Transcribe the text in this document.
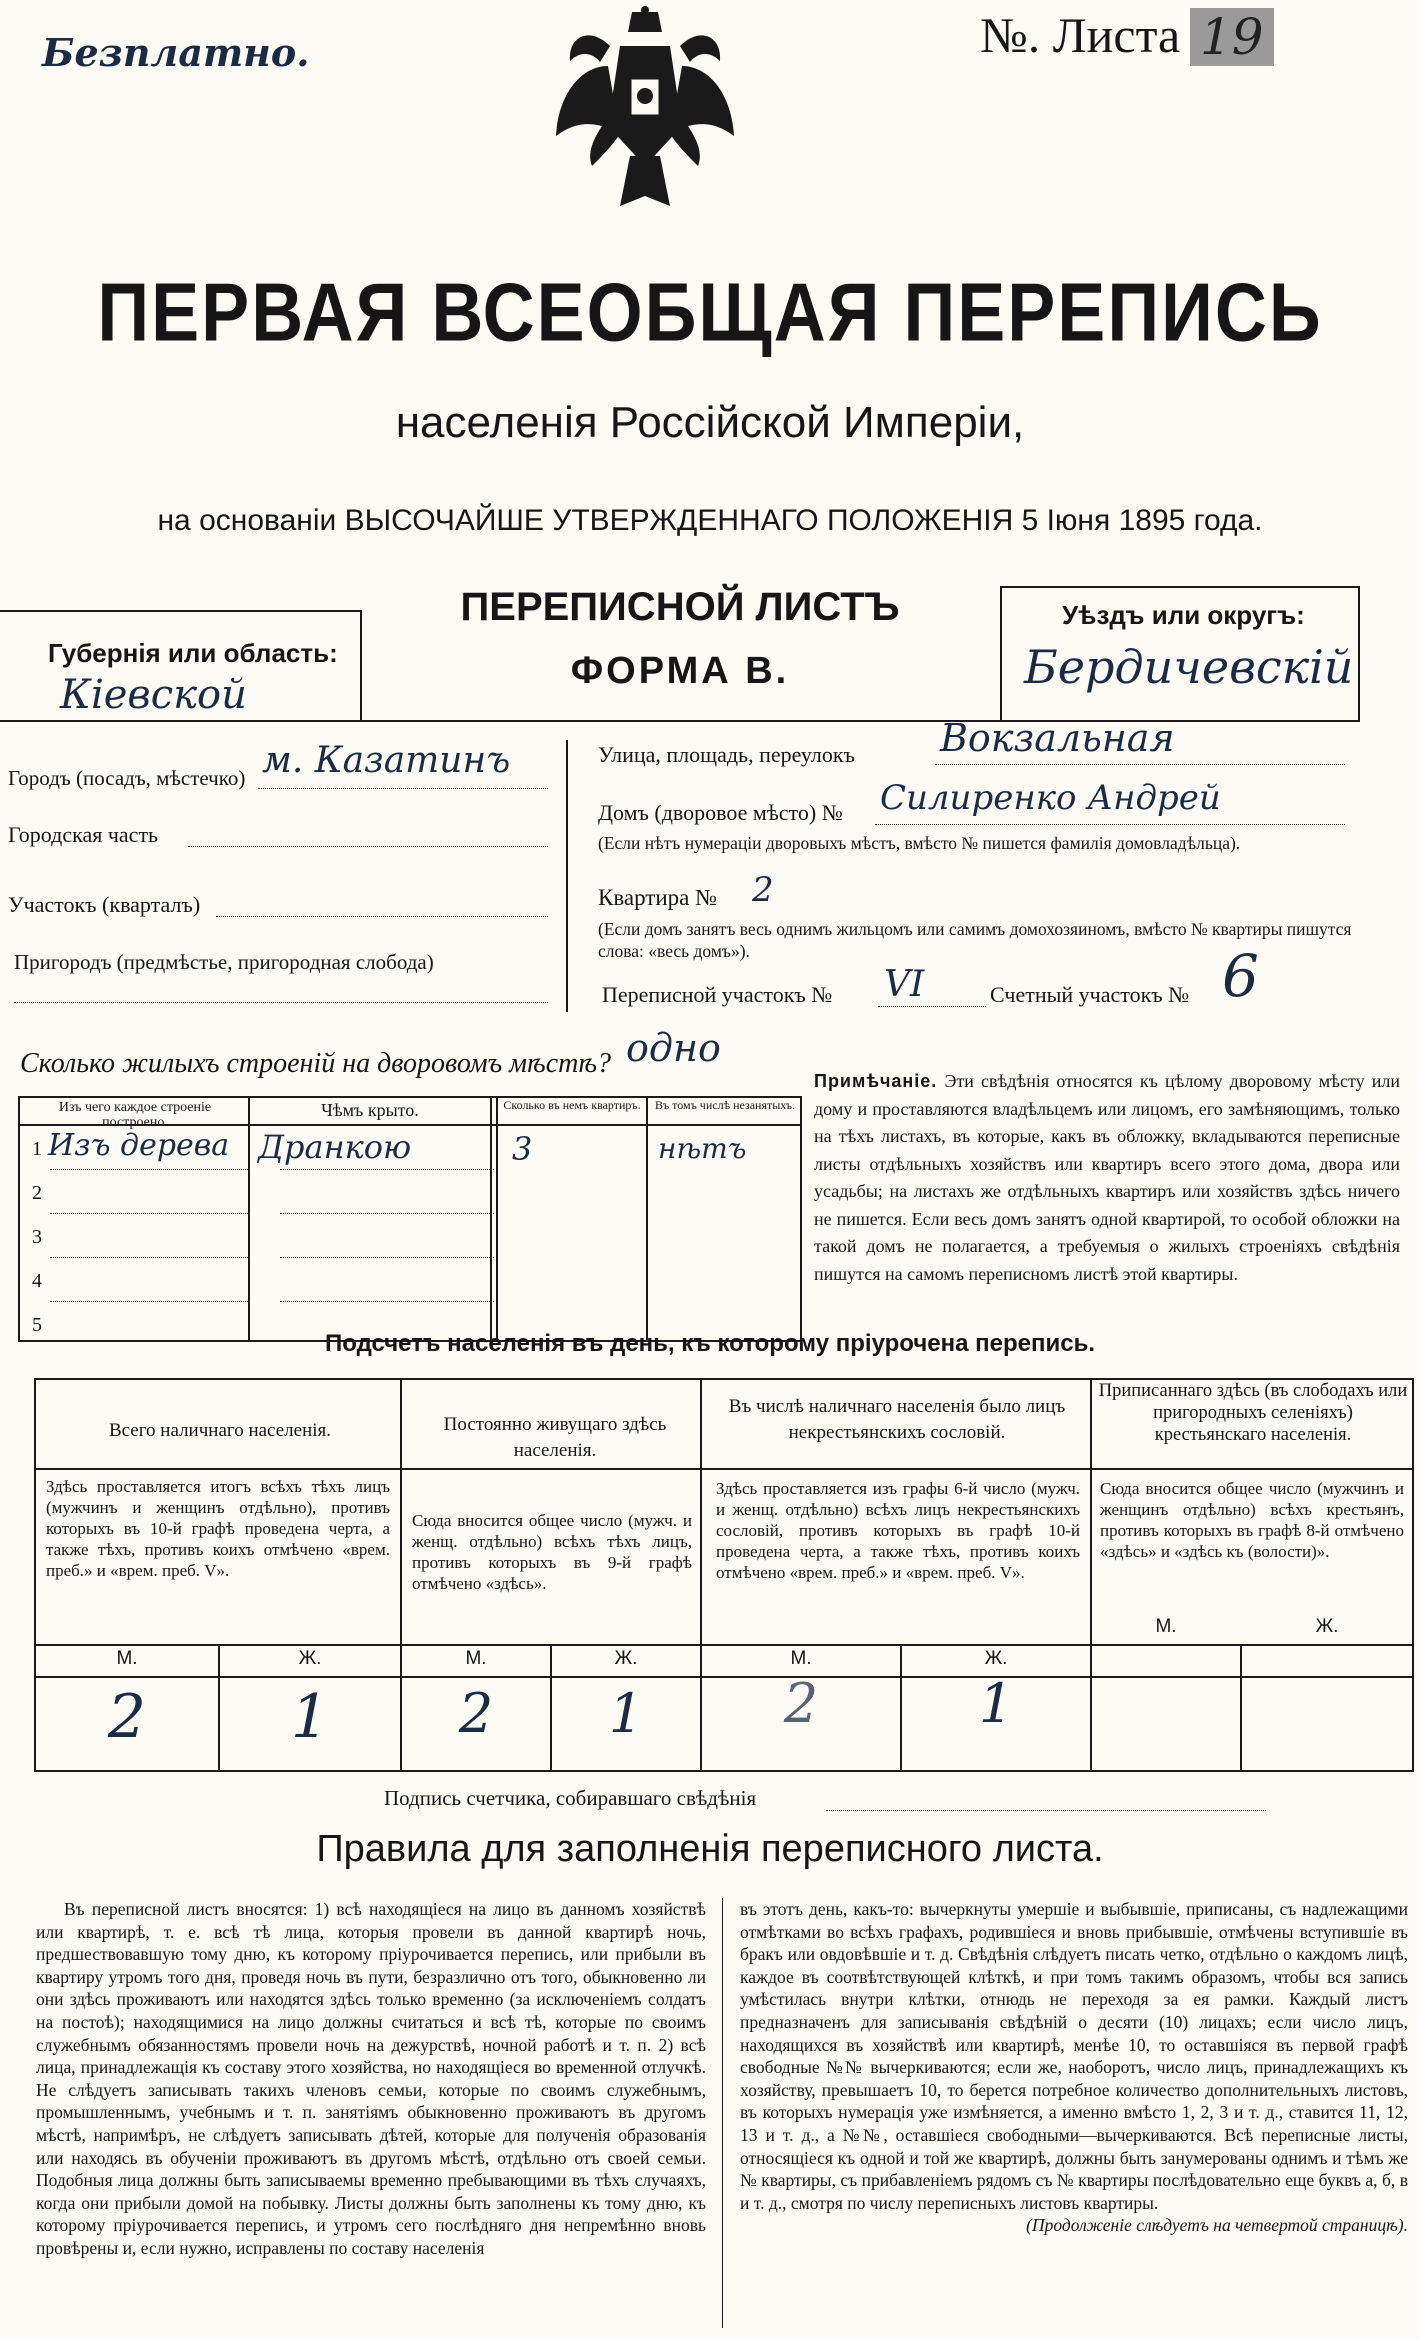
Безплатно.	№. Листа 19
ПЕРВАЯ ВСЕОБЩАЯ ПЕРЕПИСЬ
населенія Россійской Имперіи,
на основаніи ВЫСОЧАЙШЕ УТВЕРЖДЕННАГО ПОЛОЖЕНІЯ 5 Іюня 1895 года.
Губернія или область:
Кіевской
ПЕРЕПИСНОЙ ЛИСТЪ
ФОРМА В.
Уѣздъ или округъ:
Бердичевскій
Городъ (посадъ, мѣстечко) м. Казатинъ
Городская часть
Участокъ (кварталъ)
Пригородъ (предмѣстье, пригородная слобода)
Улица, площадь, переулокъ Вокзальная
Домъ (дворовое мѣсто) № Силиренко Андрей
(Если нѣтъ нумераціи дворовыхъ мѣстъ, вмѣсто № пишется фамилія домовладѣльца).
Квартира № 2
(Если домъ занятъ весь однимъ жильцомъ или самимъ домохозяиномъ, вмѣсто № квартиры пишутся слова: «весь домъ»).
Переписной участокъ № VI	Счетный участокъ № 6
Сколько жилыхъ строеній на дворовомъ мѣстѣ? одно
Изъ чего каждое строеніе построено.
Чѣмъ крыто.	Сколько въ немъ квартиръ.	Въ томъ числѣ незанятыхъ.
1 Изъ дерева Дранкою	3	нѣтъ
2
3
4
5
Примѣчаніе. Эти свѣдѣнія относятся къ цѣлому дворовому мѣсту или дому и проставляются владѣльцемъ или лицомъ, его замѣняющимъ, только на тѣхъ листахъ, въ которые, какъ въ обложку, вкладываются переписные листы отдѣльныхъ хозяйствъ или квартиръ всего этого дома, двора или усадьбы; на листахъ же отдѣльныхъ квартиръ или хозяйствъ здѣсь ничего не пишется. Если весь домъ занятъ одной квартирой, то особой обложки на такой домъ не полагается, а требуемыя о жилыхъ строеніяхъ свѣдѣнія пишутся на самомъ переписномъ листѣ этой квартиры.
Подсчетъ населенія въ день, къ которому пріурочена перепись.
Всего наличнаго населенія.
Здѣсь проставляется итогъ всѣхъ тѣхъ лицъ (мужчинъ и женщинъ отдѣльно), противъ которыхъ въ 10-й графѣ проведена черта, а также тѣхъ, противъ коихъ отмѣчено «врем. преб.» и «врем. преб. V».
М.	Ж.
2	1
Постоянно живущаго здѣсь населенія.
Сюда вносится общее число (мужч. и женщ. отдѣльно) всѣхъ тѣхъ лицъ, противъ которыхъ въ 9-й графѣ отмѣчено «здѣсь».
М.	Ж.
2	1
Въ числѣ наличнаго населенія было лицъ некрестьянскихъ сословій.
Здѣсь проставляется изъ графы 6-й число (мужч. и женщ. отдѣльно) всѣхъ лицъ некрестьянскихъ сословій, противъ которыхъ въ графѣ 10-й проведена черта, а также тѣхъ, противъ коихъ отмѣчено «врем. преб.» и «врем. преб. V».
М.	Ж.
2	1
Приписаннаго здѣсь (въ слободахъ или пригородныхъ селеніяхъ) крестьянскаго населенія.
Сюда вносится общее число (мужчинъ и женщинъ отдѣльно) всѣхъ крестьянъ, противъ которыхъ въ графѣ 8-й отмѣчено «здѣсь» и «здѣсь къ (волости)».
М.	Ж.
Подпись счетчика, собиравшаго свѣдѣнія
Правила для заполненія переписного листа.

Въ переписной листъ вносятся: 1) всѣ находящіеся на лицо въ данномъ хозяйствѣ или квартирѣ, т. е. всѣ тѣ лица, которыя провели въ данной квартирѣ ночь, предшествовавшую тому дню, къ которому пріурочивается перепись, или прибыли въ квартиру утромъ того дня, проведя ночь въ пути, безразлично отъ того, обыкновенно ли они здѣсь проживаютъ или находятся здѣсь только временно (за исключеніемъ солдатъ на постоѣ); находящимися на лицо должны считаться и всѣ тѣ, которые по своимъ служебнымъ обязанностямъ провели ночь на дежурствѣ, ночной работѣ и т. п. 2) всѣ лица, принадлежащія къ составу этого хозяйства, но находящіеся во временной отлучкѣ. Не слѣдуетъ записывать такихъ членовъ семьи, которые по своимъ служебнымъ, промышленнымъ, учебнымъ и т. п. занятіямъ обыкновенно проживаютъ въ другомъ мѣстѣ, напримѣръ, не слѣдуетъ записывать дѣтей, которые для полученія образованія или находясь въ обученіи проживаютъ въ другомъ мѣстѣ, отдѣльно отъ своей семьи. Подобныя лица должны быть записываемы временно пребывающими въ тѣхъ случаяхъ, когда они прибыли домой на побывку. Листы должны быть заполнены къ тому дню, къ которому пріурочивается перепись, и утромъ сего послѣдняго дня непремѣнно вновь провѣрены и, если нужно, исправлены по составу населенія

въ этотъ день, какъ-то: вычеркнуты умершіе и выбывшіе, приписаны, съ надлежащими отмѣтками во всѣхъ графахъ, родившіеся и вновь прибывшіе, отмѣчены вступившіе въ бракъ или овдовѣвшіе и т. д. Свѣдѣнія слѣдуетъ писать четко, отдѣльно о каждомъ лицѣ, каждое въ соотвѣтствующей клѣткѣ, и при томъ такимъ образомъ, чтобы вся запись умѣстилась внутри клѣтки, отнюдь не переходя за ея рамки. Каждый листъ предназначенъ для записыванія свѣдѣній о десяти (10) лицахъ; если число лицъ, находящихся въ хозяйствѣ или квартирѣ, менѣе 10, то оставшіяся въ первой графѣ свободные №№ вычеркиваются; если же, наоборотъ, число лицъ, принадлежащихъ къ хозяйству, превышаетъ 10, то берется потребное количество дополнительныхъ листовъ, въ которыхъ нумерація уже измѣняется, а именно вмѣсто 1, 2, 3 и т. д., ставится 11, 12, 13 и т. д., а №№, оставшіеся свободными—вычеркиваются. Всѣ переписные листы, относящіеся къ одной и той же квартирѣ, должны быть занумерованы однимъ и тѣмъ же № квартиры, съ прибавленіемъ рядомъ съ № квартиры послѣдовательно еще буквъ а, б, в и т. д., смотря по числу переписныхъ листовъ квартиры.

(Продолженіе слѣдуетъ на четвертой страницѣ).
